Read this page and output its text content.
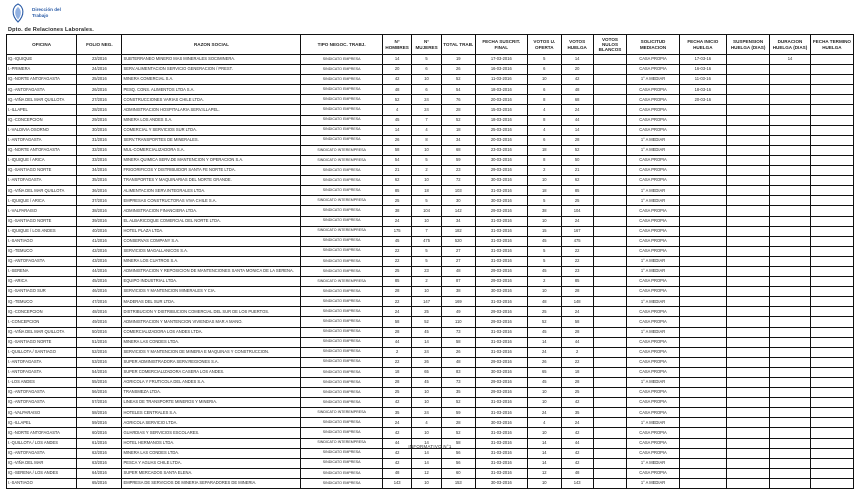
Dirección del
Trabajo
Dpto. de Relaciones Laborales.
OFICINA	FOLIO NEG.	RAZON SOCIAL	TIPO NEGOC. TRABJ.	N° HOMBRES	N° MUJERES	TOTAL TRAB.	FECHA SUSCRIT. FINAL	VOTOS U. OFERTA	VOTOS HUELGA	VOTOS NULOS BLANCOS	SOLICITUD MEDIACION	FECHA INICIO HUELGA	SUSPENSION HUELGA (DIAS)	DURACION HUELGA (DIAS)	FECHA TERMINO HUELGA
IQ.-IQUIQUE	23/2016	SUBTERRANEO MINERO MAS MINERALES SOCIMINERA.	SINDICATO EMPRESA	14	5	19	17-03-2016	5	14		CASA PROPIA	17-03-16		14	
I.-PRIMERA	24/2016	SERV.ALIMENTACION SERVICIO GENERACION / PREST.	SINDICATO EMPRESA	20	6	26	16-03-2016	6	20		CASA PROPIA	16-03-16			
IQ.-NORTE ANTOFAGASTA	25/2016	MINERA COMERCIAL S.A.	SINDICATO EMPRESA	42	10	52	11-03-2016	10	42		1° A MEDIAR	11-03-16			
IQ.-ANTOFAGASTA	26/2016	PESQ. CONS. ALIMENTOS LTDA S.A.	SINDICATO EMPRESA	48	6	54	18-03-2016	6	48		CASA PROPIA	18-03-16			
IQ.-VIÑA DEL MAR QUILLOTA	27/2016	CONSTRUCCIONES VARIAS CHILE LTDA.	SINDICATO EMPRESA	52	24	76	20-03-2016	8	68		CASA PROPIA	20-03-16			
I.-ILLAPEL	28/2016	ADMINISTRACION HOSPITALARIA SERV.ILLAPEL.	SINDICATO EMPRESA	4	24	28	15-03-2016	4	24		CASA PROPIA				
IQ.-CONCEPCION	29/2016	MINERA LOS ANDES S.A.	SINDICATO EMPRESA	45	7	52	18-03-2016	8	44		CASA PROPIA				
I.-VALDIVIA OSORNO	30/2016	COMERCIAL Y SERVICIOS SUR LTDA.	SINDICATO EMPRESA	14	4	18	25-03-2016	4	14		CASA PROPIA				
I.-ANTOFAGASTA	31/2016	SERV.TRANSPORTES DE MINERALES.	SINDICATO EMPRESA	26	8	34	20-03-2016	6	28		1° A MEDIAR				
IQ.-NORTE ANTOFAGASTA	32/2016	MUL-COMERCIALIZADORA S.A.	SINDICATO INTEREMPRESA	58	10	68	23-03-2016	18	52		1° A MEDIAR				
I.-IQUIQUE / ARICA	33/2016	MINERA QUIMICA SERV.DE MANTENCION Y OPERACION S.A.	SINDICATO INTEREMPRESA	54	5	59	30-03-2016	8	50		CASA PROPIA				
IQ.-SANTIAGO NORTE	34/2016	FRIGORIFICOS Y DISTRIBUIDOR SANTA FE NORTE LTDA.	SINDICATO EMPRESA	21	2	23	29-03-2016	2	21		CASA PROPIA				
I.-ANTOFAGASTA	35/2016	TRANSPORTES Y MAQUINARIAS DEL NORTE GRANDE.	SINDICATO EMPRESA	62	10	72	30-03-2016	10	62		CASA PROPIA				
IQ.-VIÑA DEL MAR QUILLOTA	36/2016	ALIMENTACION SERV.INTEGRALES LTDA.	SINDICATO EMPRESA	85	18	103	31-03-2016	18	85		1° A MEDIAR				
I.-IQUIQUE / ARICA	37/2016	EMPRESAS CONSTRUCTORAS VIVA CHILE S.A.	SINDICATO INTEREMPRESA	25	5	30	30-03-2016	5	25		1° A MEDIAR				
I.-VALPARAISO	38/2016	ADMINISTRACION FINANCIERA LTDA.	SINDICATO EMPRESA	38	104	142	29-03-2016	38	104		CASA PROPIA				
IQ.-SANTIAGO NORTE	39/2016	EL ALBARICOQUE COMERCIAL DEL NORTE LTDA.	SINDICATO EMPRESA	24	10	34	31-03-2016	10	24		CASA PROPIA				
I.-IQUIQUE / LOS ANDES	40/2016	HOTEL PLAZA LTDA.	SINDICATO INTEREMPRESA	175	7	182	31-03-2016	15	167		CASA PROPIA				
I.-SANTIAGO	41/2016	CONSERVAS COMPANY S.A.	SINDICATO EMPRESA	45	475	520	31-03-2016	45	475		CASA PROPIA				
IQ.-TEMUCO	42/2016	SERVICIOS MAGALLANICOS S.A.	SINDICATO EMPRESA	22	5	27	31-03-2016	5	22		CASA PROPIA				
IQ.-ANTOFAGASTA	43/2016	MINERA LOS CUATROS S.A.	SINDICATO EMPRESA	22	5	27	31-03-2016	5	22		1° A MEDIAR				
I.-SERENA	44/2016	ADMINISTRACION Y REPOSICION DE MANTENCIONES SANTA MONICA DE LA SERENA.	SINDICATO EMPRESA	25	23	48	29-03-2016	45	23		1° A MEDIAR				
IQ.-ARICA	45/2016	EQUIPO INDUSTRIAL LTDA.	SINDICATO INTEREMPRESA	85	2	87	29-03-2016	2	85		CASA PROPIA				
IQ.-SANTIAGO SUR	46/2016	SERVICIOS Y MANTENCION MINERALES Y CIA.	SINDICATO EMPRESA	28	10	38	30-03-2016	10	28		CASA PROPIA				
IQ.-TEMUCO	47/2016	MADERAS DEL SUR LTDA.	SINDICATO EMPRESA	22	147	169	31-03-2016	48	148		1° A MEDIAR				
IQ.-CONCEPCION	48/2016	DISTRIBUCION Y DISTRIBUCION COMERCIAL DEL SUR DE LOS PUERTOS.	SINDICATO EMPRESA	24	25	49	29-03-2016	25	24		CASA PROPIA				
I.-CONCEPCION	49/2016	ADMINISTRACION Y MANTENCION VIVIENDAS MAR A MANO.	SINDICATO EMPRESA	58	52	110	29-03-2016	52	58		CASA PROPIA				
IQ.-VIÑA DEL MAR QUILLOTA	50/2016	COMERCIALIZADORA LOS ANDES LTDA.	SINDICATO EMPRESA	28	45	73	31-03-2016	45	28		1° A MEDIAR				
IQ.-SANTIAGO NORTE	51/2016	MINERA LAS CONDES LTDA.	SINDICATO EMPRESA	44	14	58	31-03-2016	14	44		CASA PROPIA				
I.-QUILLOTA / SANTIAGO	52/2016	SERVICIOS Y MANTENCION DE MINERIA E MAQUINAS Y CONSTRUCCION.	SINDICATO EMPRESA	2	24	26	31-03-2016	24	2		CASA PROPIA				
I.-ANTOFAGASTA	53/2016	SUPER ADMINISTRADORA SERV.REGIONES S.A.	SINDICATO EMPRESA	22	26	48	29-03-2016	26	22		CASA PROPIA				
I.-ANTOFAGASTA	54/2016	SUPER COMERCIALIZADORA CASERA LOS ANDES.	SINDICATO EMPRESA	18	65	83	30-03-2016	65	18		CASA PROPIA				
I.-LOS ANDES	55/2016	AGRICOLA Y FRUTICOLA DEL ANDES S.A.	SINDICATO EMPRESA	28	45	73	29-03-2016	45	28		1° A MEDIAR				
IQ.-ANTOFAGASTA	56/2016	TRANSMEZA LTDA.	SINDICATO EMPRESA	25	10	35	29-03-2016	10	25		CASA PROPIA				
IQ.-ANTOFAGASTA	57/2016	LINEAS DE TRANSPORTE MINEROS Y MINERIA.	SINDICATO EMPRESA	42	10	52	31-03-2016	10	42		CASA PROPIA				
IQ.-VALPARAISO	58/2016	HOTELES CENTRALES S.A.	SINDICATO INTEREMPRESA	35	24	59	31-03-2016	24	35		CASA PROPIA				
IQ.-ILLAPEL	59/2016	AGRICOLA SERVICIO LTDA.	SINDICATO EMPRESA	24	4	28	30-03-2016	4	24		1° A MEDIAR				
IQ.-NORTE ANTOFAGASTA	60/2016	GUARDIAS Y SERVICIOS ESCOLARES.	SINDICATO EMPRESA	42	10	52	31-03-2016	10	42		CASA PROPIA				
I.-QUILLOTA / LOS ANDES	61/2016	HOTEL HERMANOS LTDA.	SINDICATO INTEREMPRESA	44	14	58	31-03-2016	14	44		CASA PROPIA				
IQ.-ANTOFAGASTA	62/2016	MINERA LAS CONDES LTDA.	SINDICATO EMPRESA	42	14	56	31-03-2016	14	42		CASA PROPIA				
IQ.-VIÑA DEL MAR	63/2016	PESCA Y AGUAS CHILE LTDA.	SINDICATO EMPRESA	42	14	56	31-03-2016	14	42		1° A MEDIAR				
IQ.-SERENA / LOS ANDES	64/2016	SUPER MERCADOS SANTA ELENA.	SINDICATO EMPRESA	48	12	60	31-03-2016	12	48		CASA PROPIA				
I.-SANTIAGO	65/2016	EMPRESA DE SERVICIOS DE MINERIA SEPARADORES DE MINERIA.	SINDICATO EMPRESA	143	10	153	30-03-2016	10	143		1° A MEDIAR				
INFORMATIVO N°1
